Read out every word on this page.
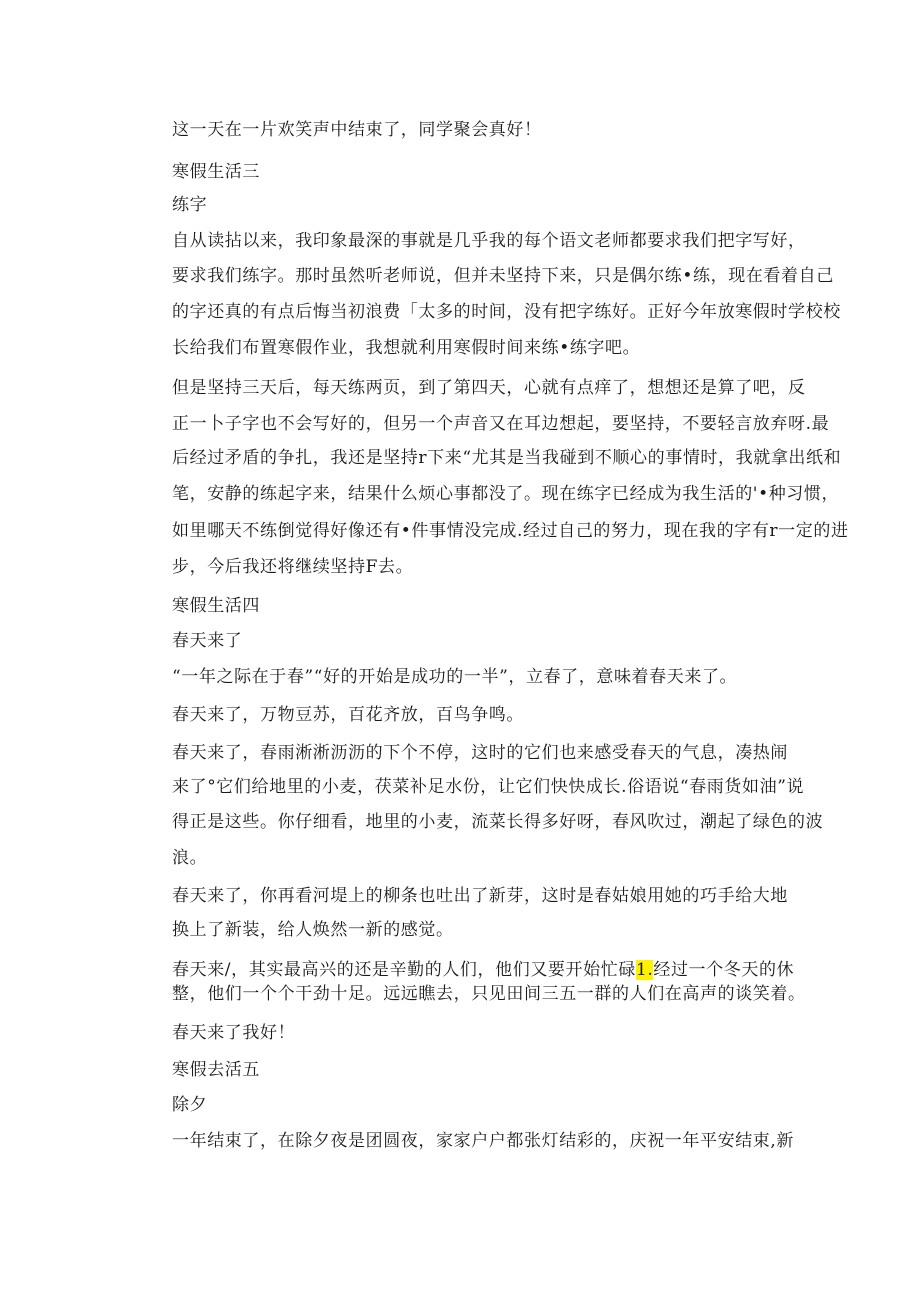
这一天在一片欢笑声中结束了，同学聚会真好！
寒假生活三
练字
自从读拈以来，我印象最深的事就是几乎我的每个语文老师都要求我们把字写好，
要求我们练字。那时虽然听老师说，但并未坚持下来，只是偶尔练•练，现在看着自己
的字还真的有点后悔当初浪费「太多的时间，没有把字练好。正好今年放寒假时学校校
长给我们布置寒假作业，我想就利用寒假时间来练•练字吧。
但是坚持三天后，每天练两页，到了第四天，心就有点痒了，想想还是算了吧，反
正一卜子字也不会写好的，但另一个声音又在耳边想起，要坚持，不要轻言放弃呀.最
后经过矛盾的争扎，我还是坚持r下来“尤其是当我碰到不顺心的事情时，我就拿出纸和
笔，安静的练起字来，结果什么烦心事都没了。现在练字已经成为我生活的'•种习惯，
如里哪天不练倒觉得好像还有•件事情没完成.经过自己的努力，现在我的字有r一定的进
步，今后我还将继续坚持F去。
寒假生活四
春天来了
“一年之际在于春”“好的开始是成功的一半”，立春了，意味着春天来了。
春天来了，万物豆苏，百花齐放，百鸟争鸣。
春天来了，春雨淅淅沥沥的下个不停，这时的它们也来感受春天的气息，凑热闹
来了°它们给地里的小麦，茯菜补足水份，让它们快快成长.俗语说“春雨货如油”说
得正是这些。你仔细看，地里的小麦，流菜长得多好呀，春风吹过，潮起了绿色的波
浪。
春天来了，你再看河堤上的柳条也吐出了新芽，这时是春姑娘用她的巧手给大地
换上了新装，给人焕然一新的感觉。
春天来/，其实最高兴的还是辛勤的人们，他们又要开始忙碌1.经过一个冬天的休
整，他们一个个干劲十足。远远瞧去，只见田间三五一群的人们在高声的谈笑着。
春天来了我好！
寒假去活五
除夕
一年结束了，在除夕夜是团圆夜，家家户户都张灯结彩的，庆祝一年平安结束,新
